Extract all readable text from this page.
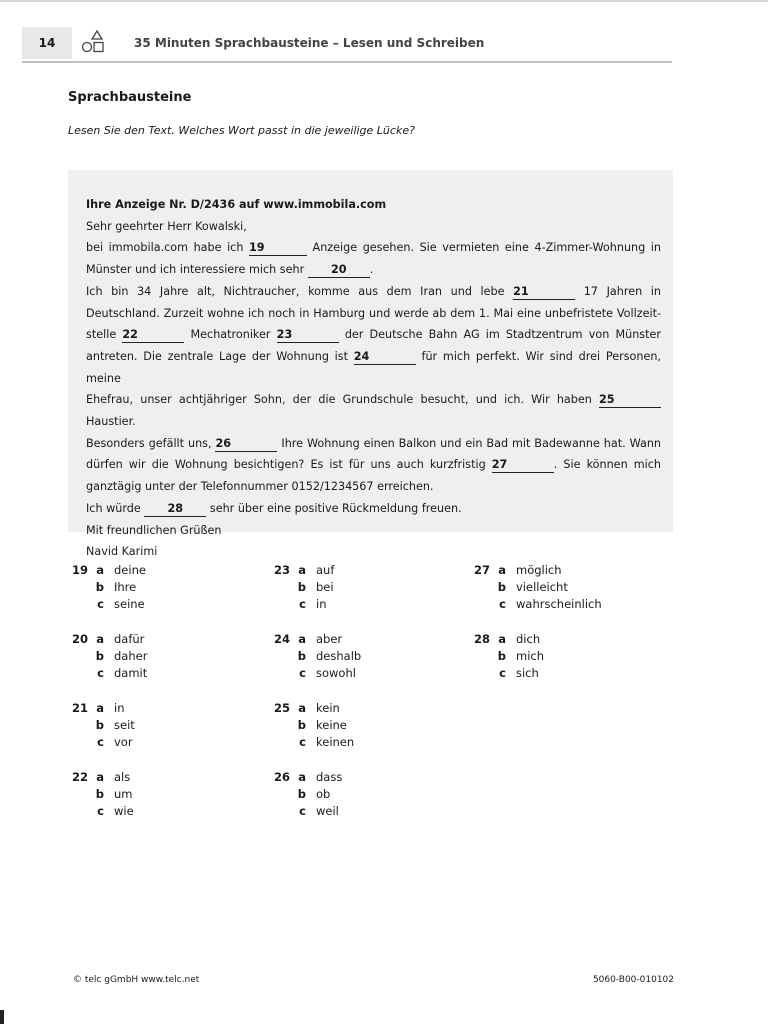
14	35 Minuten Sprachbausteine – Lesen und Schreiben
Sprachbausteine
Lesen Sie den Text. Welches Wort passt in die jeweilige Lücke?

Ihre Anzeige Nr. D/2436 auf www.immobila.com

Sehr geehrter Herr Kowalski,

bei immobila.com habe ich 19	Anzeige gesehen. Sie vermieten eine 4-Zimmer-Wohnung in

Münster und ich interessiere mich sehr 20 .

Ich bin 34 Jahre alt, Nichtraucher, komme aus dem Iran und lebe 21	17 Jahren in

Deutschland. Zurzeit wohne ich noch in Hamburg und werde ab dem 1. Mai eine unbefristete Vollzeit-

stelle 22	Mechatroniker 23	der Deutsche Bahn AG im Stadtzentrum von Münster

antreten. Die zentrale Lage der Wohnung ist 24	für mich perfekt. Wir sind drei Personen, meine

Ehefrau, unser achtjähriger Sohn, der die Grundschule besucht, und ich. Wir haben 25 Haustier.

Besonders gefällt uns, 26	Ihre Wohnung einen Balkon und ein Bad mit Badewanne hat. Wann

dürfen wir die Wohnung besichtigen? Es ist für uns auch kurzfristig 27	. Sie können mich

ganztägig unter der Telefonnummer 0152/1234567 erreichen.

Ich würde 28 sehr über eine positive Rückmeldung freuen.

Mit freundlichen Grüßen

Navid Karimi

19 a deine
b Ihre
c seine
20 a dafür
b daher
c damit
21 a in
b seit
c vor
22 a als
b um
c wie
23 a auf
b bei
c in
24 a aber
b deshalb
c sowohl
25 a kein
b keine
c keinen
26 a dass
b ob
c weil
27 a möglich
b vielleicht
c wahrscheinlich
28 a dich
b mich
c sich
© telc gGmbH www.telc.net	5060-B00-010102
